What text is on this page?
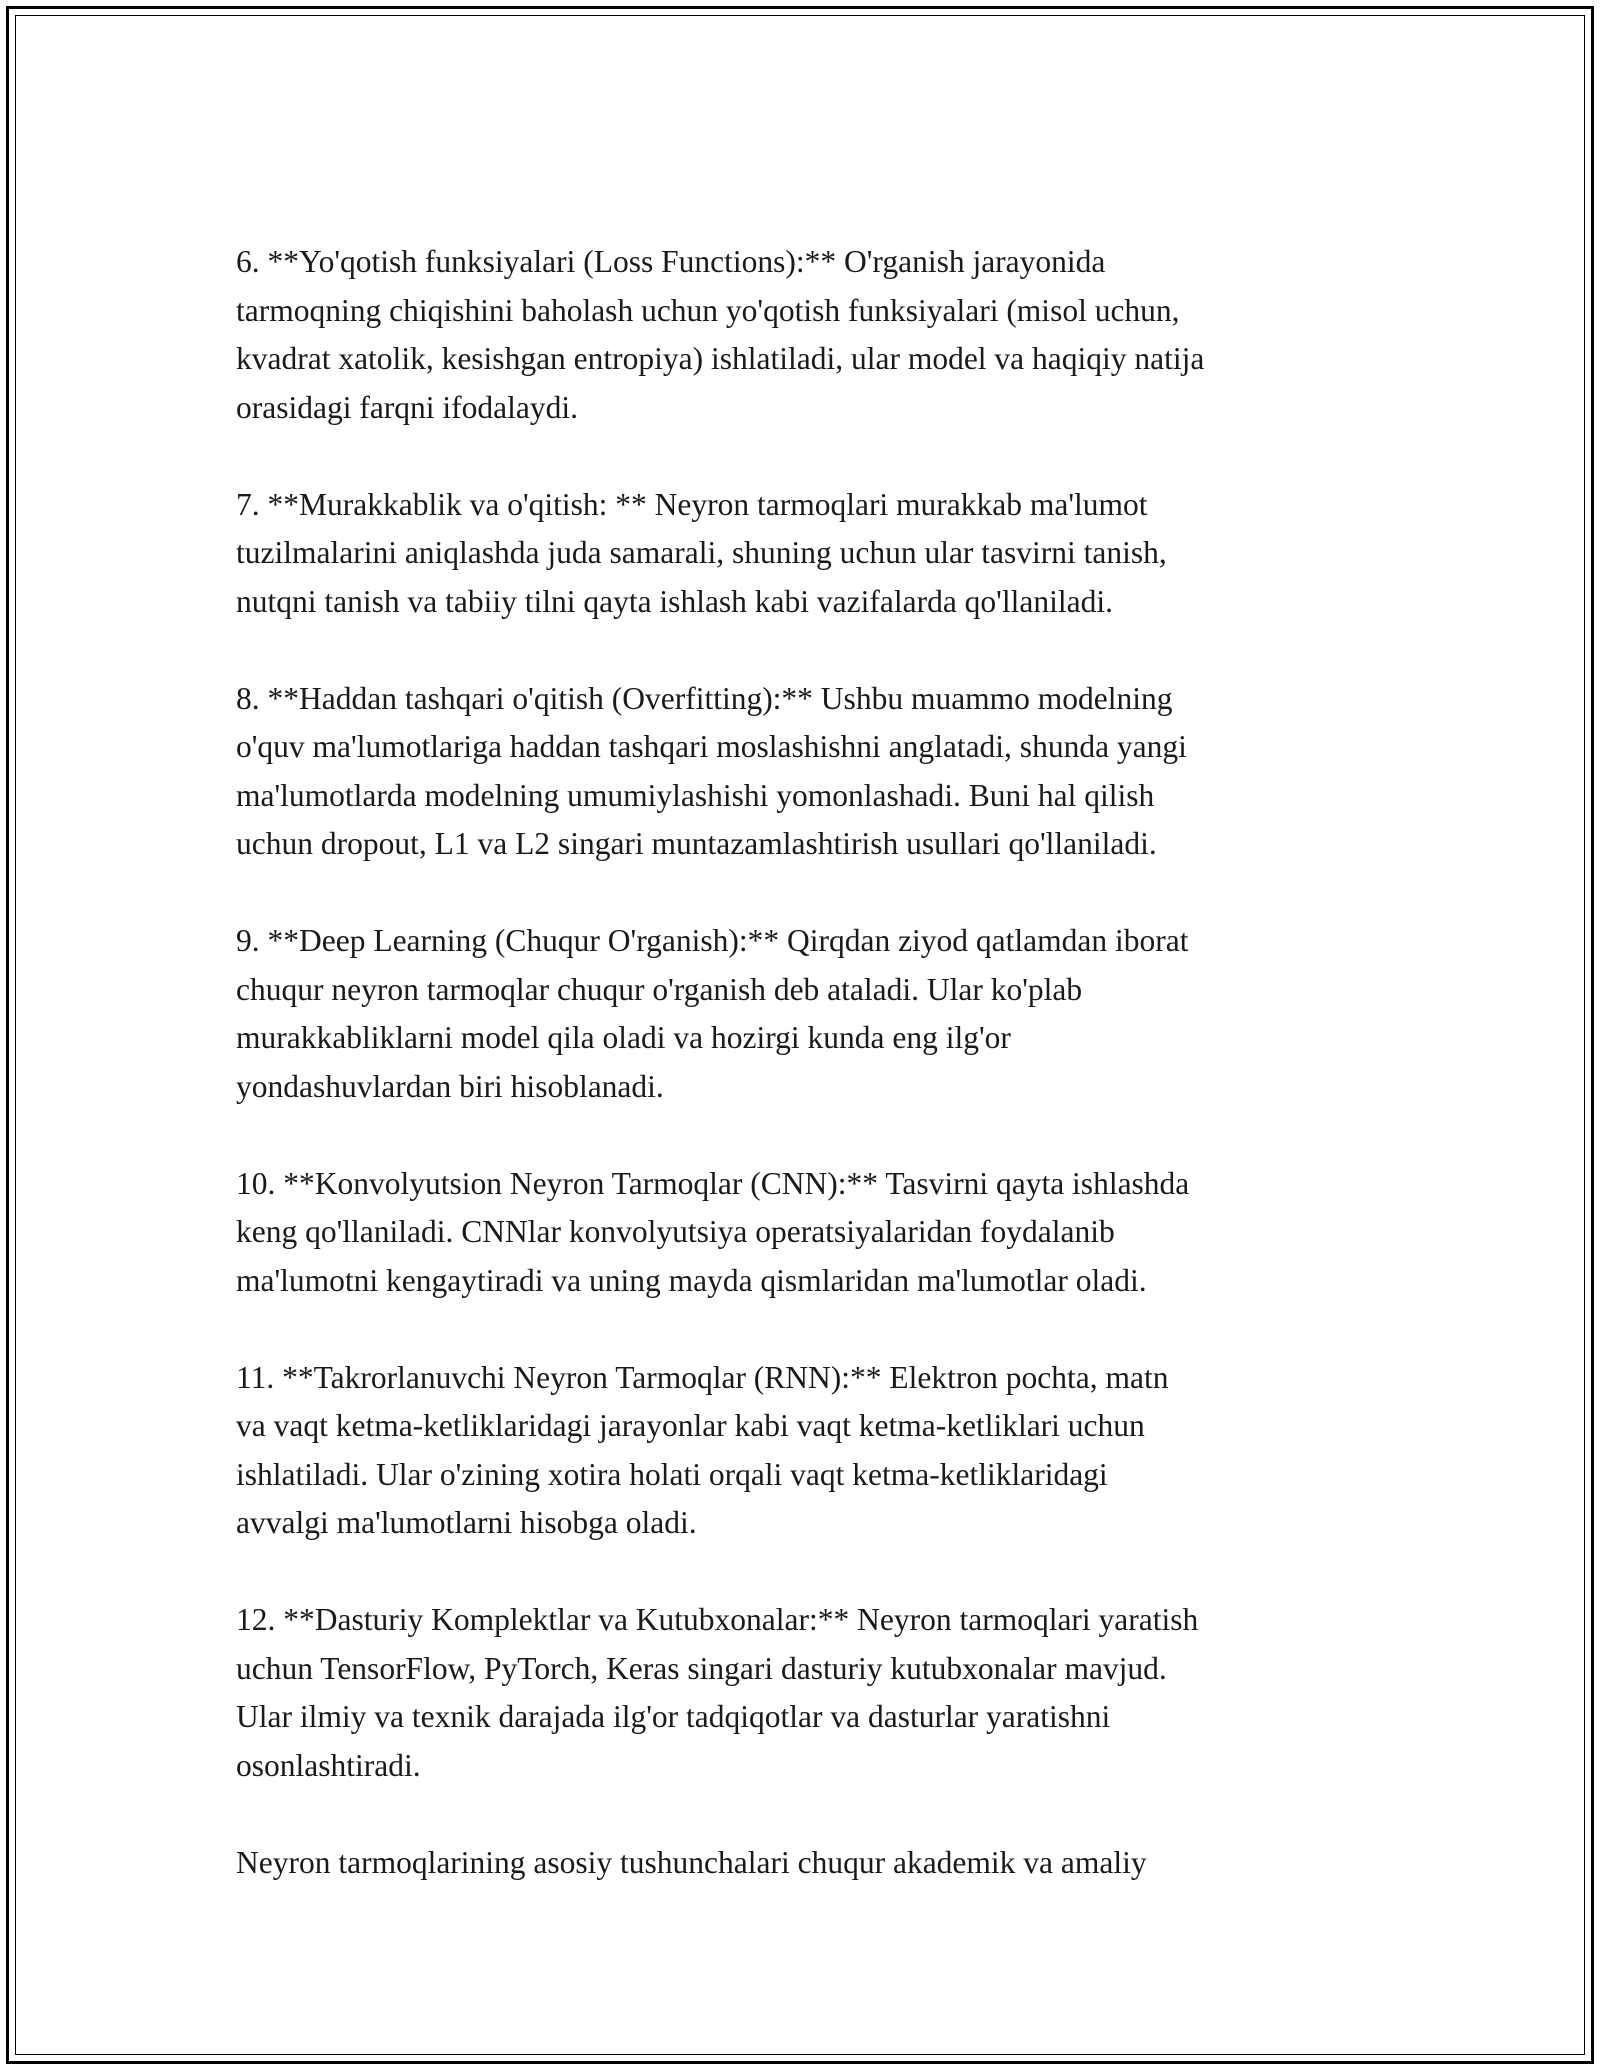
6. **Yo'qotish funksiyalari (Loss Functions):** O'rganish jarayonida
tarmoqning chiqishini baholash uchun yo'qotish funksiyalari (misol uchun,
kvadrat xatolik, kesishgan entropiya) ishlatiladi, ular model va haqiqiy natija
orasidagi farqni ifodalaydi.

7. **Murakkablik va o'qitish: ** Neyron tarmoqlari murakkab ma'lumot
tuzilmalarini aniqlashda juda samarali, shuning uchun ular tasvirni tanish,
nutqni tanish va tabiiy tilni qayta ishlash kabi vazifalarda qo'llaniladi.

8. **Haddan tashqari o'qitish (Overfitting):** Ushbu muammo modelning
o'quv ma'lumotlariga haddan tashqari moslashishni anglatadi, shunda yangi
ma'lumotlarda modelning umumiylashishi yomonlashadi. Buni hal qilish
uchun dropout, L1 va L2 singari muntazamlashtirish usullari qo'llaniladi.

9. **Deep Learning (Chuqur O'rganish):** Qirqdan ziyod qatlamdan iborat
chuqur neyron tarmoqlar chuqur o'rganish deb ataladi. Ular ko'plab
murakkabliklarni model qila oladi va hozirgi kunda eng ilg'or
yondashuvlardan biri hisoblanadi.

10. **Konvolyutsion Neyron Tarmoqlar (CNN):** Tasvirni qayta ishlashda
keng qo'llaniladi. CNNlar konvolyutsiya operatsiyalaridan foydalanib
ma'lumotni kengaytiradi va uning mayda qismlaridan ma'lumotlar oladi.

11. **Takrorlanuvchi Neyron Tarmoqlar (RNN):** Elektron pochta, matn
va vaqt ketma-ketliklaridagi jarayonlar kabi vaqt ketma-ketliklari uchun
ishlatiladi. Ular o'zining xotira holati orqali vaqt ketma-ketliklaridagi
avvalgi ma'lumotlarni hisobga oladi.

12. **Dasturiy Komplektlar va Kutubxonalar:** Neyron tarmoqlari yaratish
uchun TensorFlow, PyTorch, Keras singari dasturiy kutubxonalar mavjud.
Ular ilmiy va texnik darajada ilg'or tadqiqotlar va dasturlar yaratishni
osonlashtiradi.

Neyron tarmoqlarining asosiy tushunchalari chuqur akademik va amaliy
